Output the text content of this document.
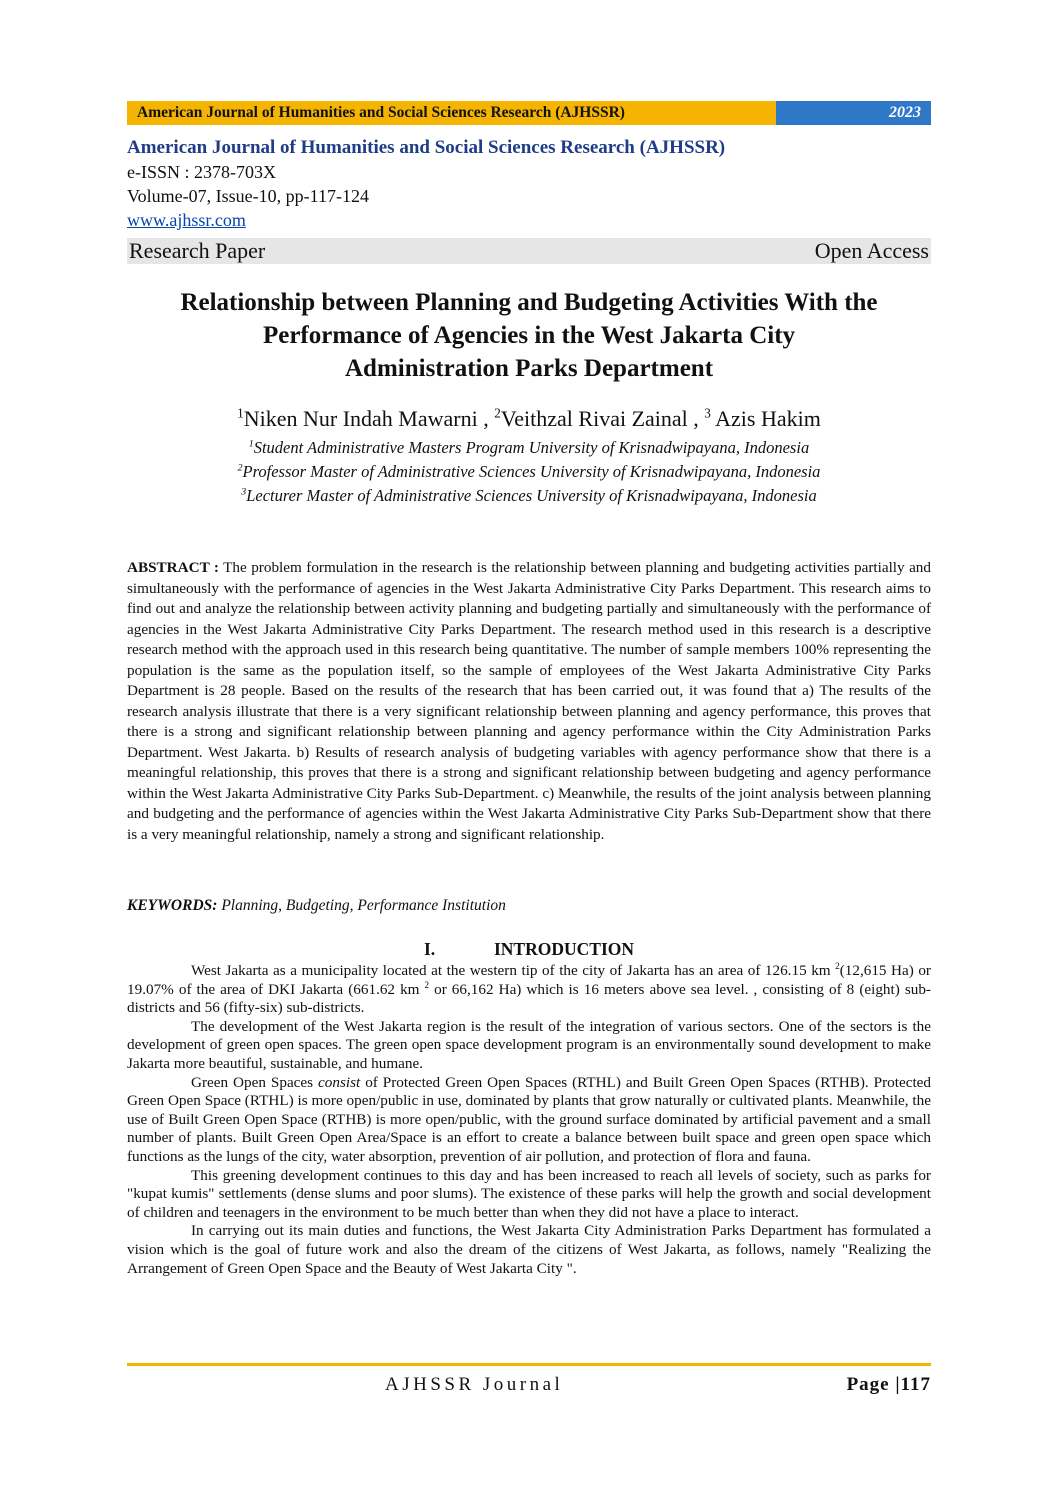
American Journal of Humanities and Social Sciences Research (AJHSSR)	2023
American Journal of Humanities and Social Sciences Research (AJHSSR)
e-ISSN : 2378-703X
Volume-07, Issue-10, pp-117-124
www.ajhssr.com
Research Paper	Open Access
Relationship between Planning and Budgeting Activities With the
Performance of Agencies in the West Jakarta City
Administration Parks Department
$^1$Niken Nur Indah Mawarni , $^2$Veithzal Rivai Zainal , $^3$ Azis Hakim
$^1$Student Administrative Masters Program University of Krisnadwipayana, Indonesia
$^2$Professor Master of Administrative Sciences University of Krisnadwipayana, Indonesia
$^3$Lecturer Master of Administrative Sciences University of Krisnadwipayana, Indonesia
ABSTRACT : The problem formulation in the research is the relationship between planning and budgeting activities partially and simultaneously with the performance of agencies in the West Jakarta Administrative City Parks Department. This research aims to find out and analyze the relationship between activity planning and budgeting partially and simultaneously with the performance of agencies in the West Jakarta Administrative City Parks Department. The research method used in this research is a descriptive research method with the approach used in this research being quantitative. The number of sample members 100% representing the population is the same as the population itself, so the sample of employees of the West Jakarta Administrative City Parks Department is 28 people. Based on the results of the research that has been carried out, it was found that a) The results of the research analysis illustrate that there is a very significant relationship between planning and agency performance, this proves that there is a strong and significant relationship between planning and agency performance within the City Administration Parks Department. West Jakarta. b) Results of research analysis of budgeting variables with agency performance show that there is a meaningful relationship, this proves that there is a strong and significant relationship between budgeting and agency performance within the West Jakarta Administrative City Parks Sub-Department. c) Meanwhile, the results of the joint analysis between planning and budgeting and the performance of agencies within the West Jakarta Administrative City Parks Sub-Department show that there is a very meaningful relationship, namely a strong and significant relationship.
KEYWORDS: Planning, Budgeting, Performance Institution
I.	INTRODUCTION

West Jakarta as a municipality located at the western tip of the city of Jakarta has an area of 126.15 km $^2$(12,615 Ha) or 19.07% of the area of DKI Jakarta (661.62 km $^2$ or 66,162 Ha) which is 16 meters above sea level. , consisting of 8 (eight) sub-districts and 56 (fifty-six) sub-districts.

The development of the West Jakarta region is the result of the integration of various sectors. One of the sectors is the development of green open spaces. The green open space development program is an environmentally sound development to make Jakarta more beautiful, sustainable, and humane.

Green Open Spaces consist of Protected Green Open Spaces (RTHL) and Built Green Open Spaces (RTHB). Protected Green Open Space (RTHL) is more open/public in use, dominated by plants that grow naturally or cultivated plants. Meanwhile, the use of Built Green Open Space (RTHB) is more open/public, with the ground surface dominated by artificial pavement and a small number of plants. Built Green Open Area/Space is an effort to create a balance between built space and green open space which functions as the lungs of the city, water absorption, prevention of air pollution, and protection of flora and fauna.

This greening development continues to this day and has been increased to reach all levels of society, such as parks for "kupat kumis" settlements (dense slums and poor slums). The existence of these parks will help the growth and social development of children and teenagers in the environment to be much better than when they did not have a place to interact.

In carrying out its main duties and functions, the West Jakarta City Administration Parks Department has formulated a vision which is the goal of future work and also the dream of the citizens of West Jakarta, as follows, namely "Realizing the Arrangement of Green Open Space and the Beauty of West Jakarta City ".

AJHSSR Journal	Page |117
